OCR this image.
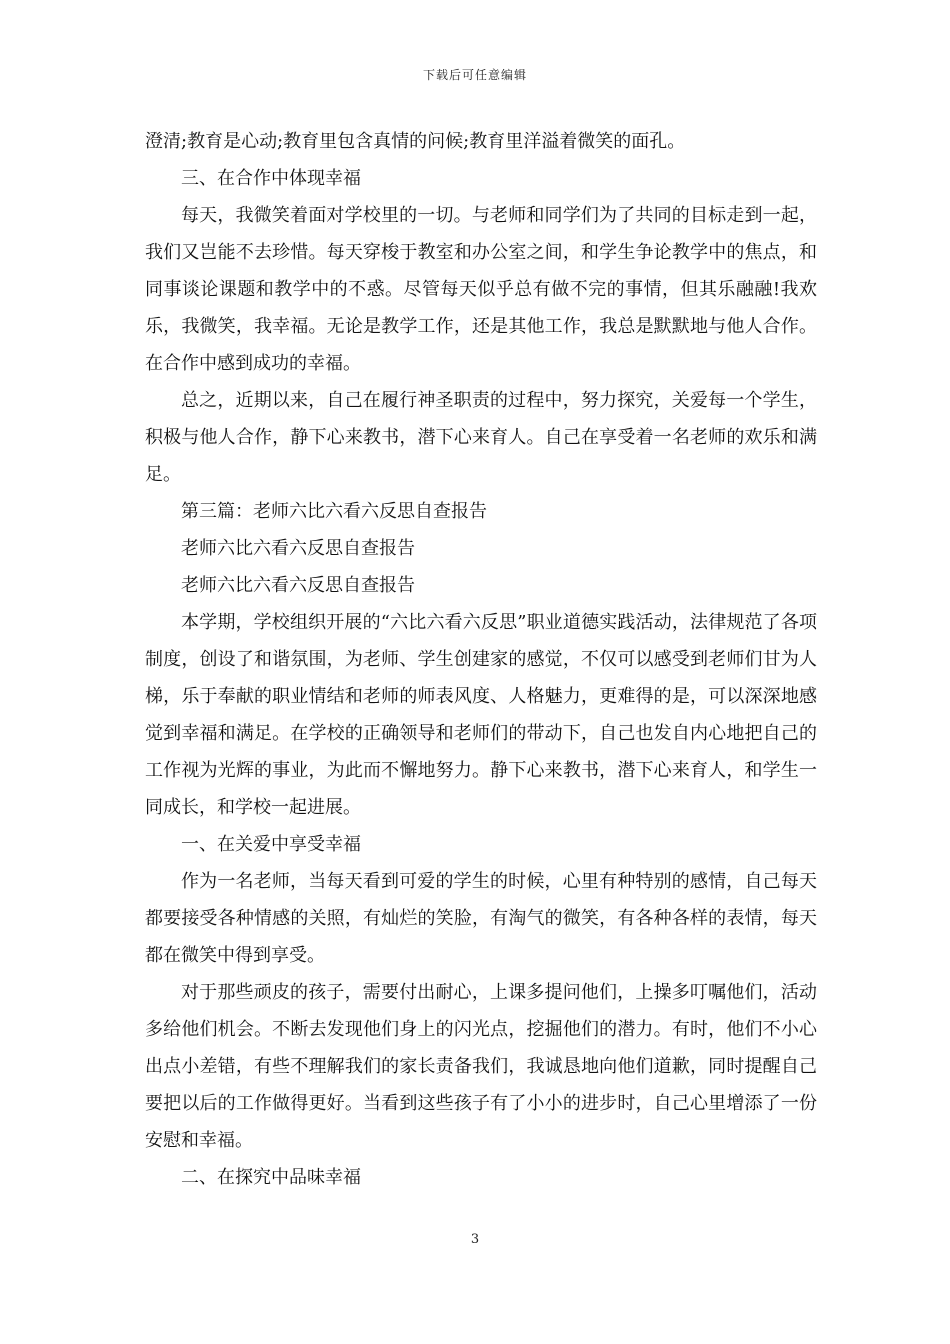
下载后可任意编辑

澄清;教育是心动;教育里包含真情的问候;教育里洋溢着微笑的面孔。

三、在合作中体现幸福

每天，我微笑着面对学校里的一切。与老师和同学们为了共同的目标走到一起，我们又岂能不去珍惜。每天穿梭于教室和办公室之间，和学生争论教学中的焦点，和同事谈论课题和教学中的不惑。尽管每天似乎总有做不完的事情，但其乐融融!我欢乐，我微笑，我幸福。无论是教学工作，还是其他工作，我总是默默地与他人合作。在合作中感到成功的幸福。

总之，近期以来，自己在履行神圣职责的过程中，努力探究，关爱每一个学生，积极与他人合作，静下心来教书，潜下心来育人。自己在享受着一名老师的欢乐和满足。

第三篇：老师六比六看六反思自查报告

老师六比六看六反思自查报告

老师六比六看六反思自查报告

本学期，学校组织开展的“六比六看六反思”职业道德实践活动，法律规范了各项制度，创设了和谐氛围，为老师、学生创建家的感觉，不仅可以感受到老师们甘为人梯，乐于奉献的职业情结和老师的师表风度、人格魅力，更难得的是，可以深深地感觉到幸福和满足。在学校的正确领导和老师们的带动下，自己也发自内心地把自己的工作视为光辉的事业，为此而不懈地努力。静下心来教书，潜下心来育人，和学生一同成长，和学校一起进展。

一、在关爱中享受幸福

作为一名老师，当每天看到可爱的学生的时候，心里有种特别的感情，自己每天都要接受各种情感的关照，有灿烂的笑脸，有淘气的微笑，有各种各样的表情，每天都在微笑中得到享受。

对于那些顽皮的孩子，需要付出耐心，上课多提问他们，上操多叮嘱他们，活动多给他们机会。不断去发现他们身上的闪光点，挖掘他们的潜力。有时，他们不小心出点小差错，有些不理解我们的家长责备我们，我诚恳地向他们道歉，同时提醒自己要把以后的工作做得更好。当看到这些孩子有了小小的进步时，自己心里增添了一份安慰和幸福。

二、在探究中品味幸福

3
